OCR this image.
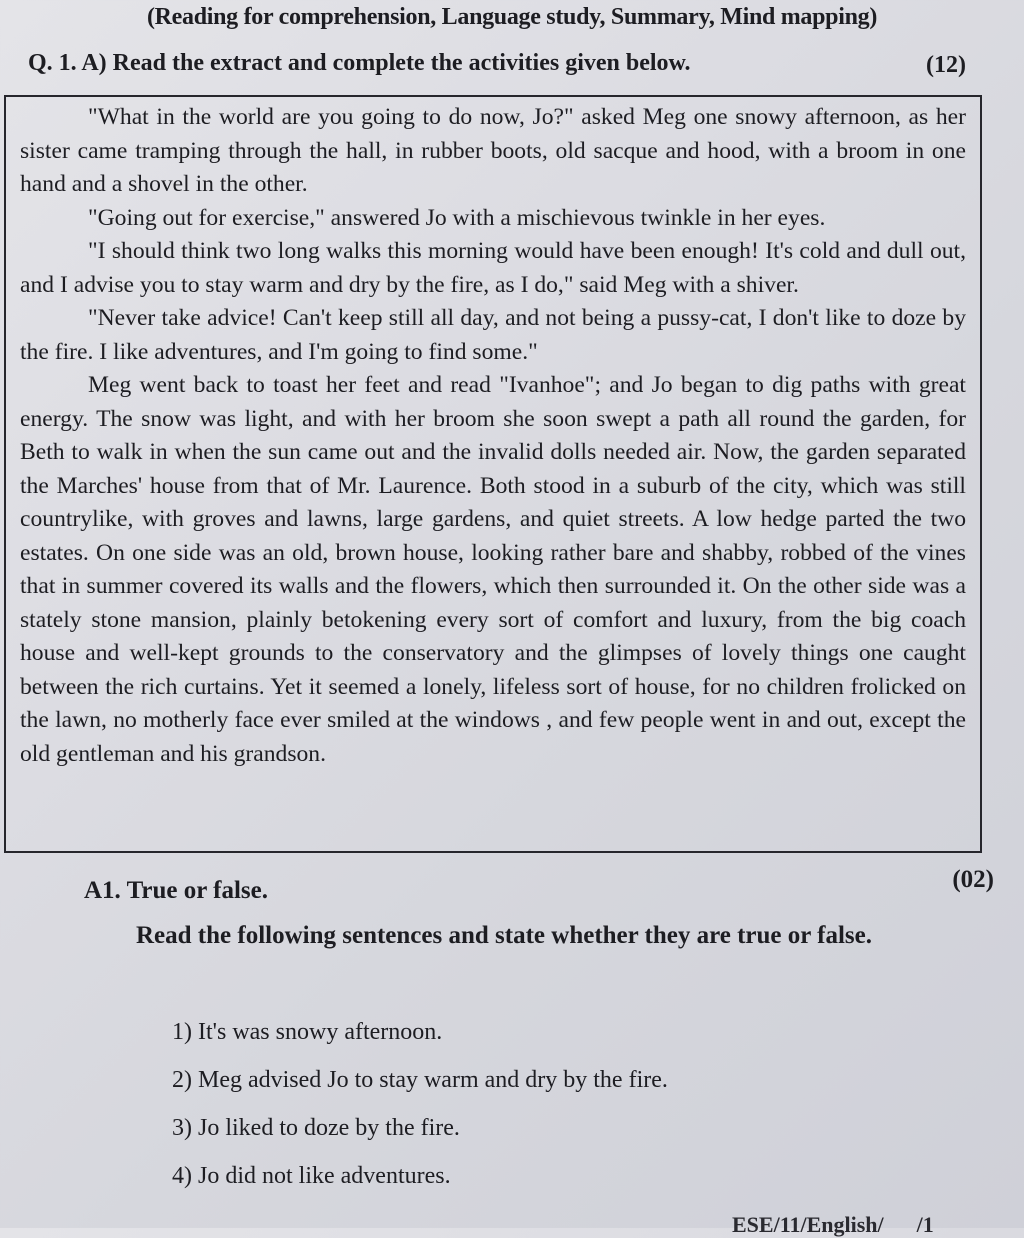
(Reading for comprehension, Language study, Summary, Mind mapping)
Q. 1. A) Read the extract and complete the activities given below.	(12)

"What in the world are you going to do now, Jo?" asked Meg one snowy afternoon, as her sister came tramping through the hall, in rubber boots, old sacque and hood, with a broom in one hand and a shovel in the other.

"Going out for exercise," answered Jo with a mischievous twinkle in her eyes.

"I should think two long walks this morning would have been enough! It's cold and dull out, and I advise you to stay warm and dry by the fire, as I do," said Meg with a shiver.

"Never take advice! Can't keep still all day, and not being a pussy-cat, I don't like to doze by the fire. I like adventures, and I'm going to find some."

Meg went back to toast her feet and read "Ivanhoe"; and Jo began to dig paths with great energy. The snow was light, and with her broom she soon swept a path all round the garden, for Beth to walk in when the sun came out and the invalid dolls needed air. Now, the garden separated the Marches' house from that of Mr. Laurence. Both stood in a suburb of the city, which was still countrylike, with groves and lawns, large gardens, and quiet streets. A low hedge parted the two estates. On one side was an old, brown house, looking rather bare and shabby, robbed of the vines that in summer covered its walls and the flowers, which then surrounded it. On the other side was a stately stone mansion, plainly betokening every sort of comfort and luxury, from the big coach house and well-kept grounds to the conservatory and the glimpses of lovely things one caught between the rich curtains. Yet it seemed a lonely, lifeless sort of house, for no children frolicked on the lawn, no motherly face ever smiled at the windows , and few people went in and out, except the old gentleman and his grandson.

A1. True or false.	(02)
Read the following sentences and state whether they are true or false.
1) It's was snowy afternoon.
2) Meg advised Jo to stay warm and dry by the fire.
3) Jo liked to doze by the fire.
4) Jo did not like adventures.
ESE/11/English/      /1
